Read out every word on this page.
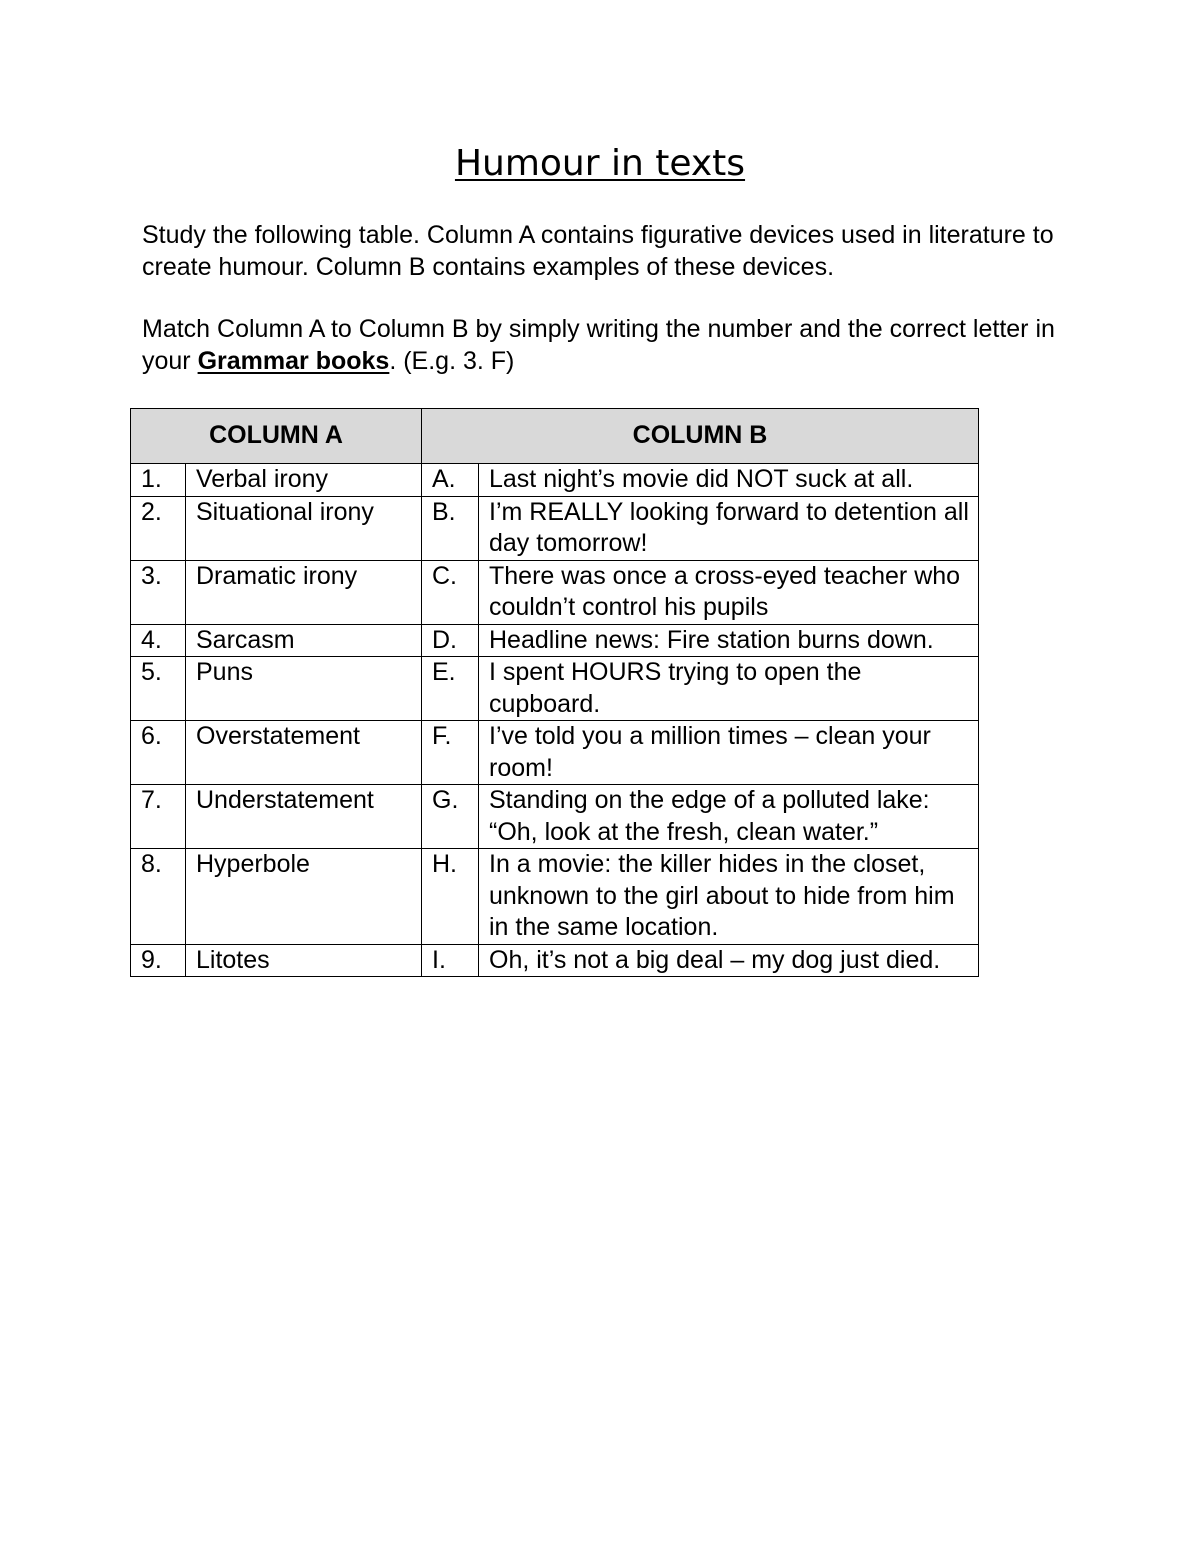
Humour in texts
Study the following table. Column A contains figurative devices used in literature to create humour. Column B contains examples of these devices.
Match Column A to Column B by simply writing the number and the correct letter in your Grammar books. (E.g. 3. F)
COLUMN A		COLUMN B	
1.	Verbal irony	A.	Last night’s movie did NOT suck at all.
2.	Situational irony	B.	I’m REALLY looking forward to detention all day tomorrow!
3.	Dramatic irony	C.	There was once a cross-eyed teacher who couldn’t control his pupils
4.	Sarcasm	D.	Headline news: Fire station burns down.
5.	Puns	E.	I spent HOURS trying to open the cupboard.
6.	Overstatement	F.	I’ve told you a million times – clean your room!
7.	Understatement	G.	Standing on the edge of a polluted lake: “Oh, look at the fresh, clean water.”
8.	Hyperbole	H.	In a movie: the killer hides in the closet, unknown to the girl about to hide from him in the same location.
9.	Litotes	I.	Oh, it’s not a big deal – my dog just died.
